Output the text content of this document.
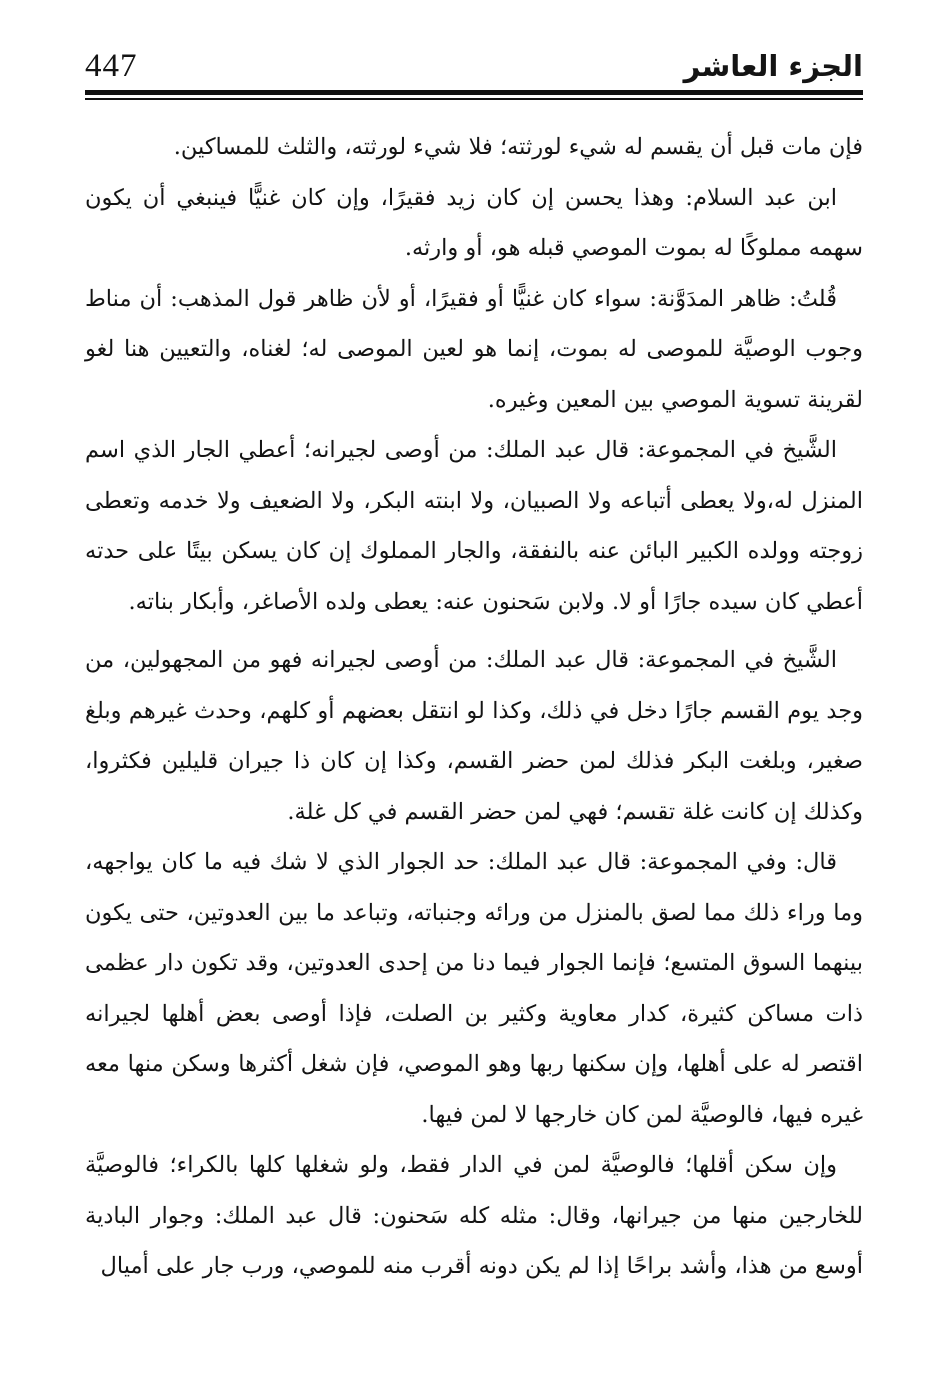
الجزء العاشر
447

فإن مات قبل أن يقسم له شيء لورثته؛ فلا شيء لورثته، والثلث للمساكين.

ابن عبد السلام: وهذا يحسن إن كان زيد فقيرًا، وإن كان غنيًّا فينبغي أن يكون سهمه مملوكًا له بموت الموصي قبله هو، أو وارثه.

قُلتُ: ظاهر المدَوَّنة: سواء كان غنيًّا أو فقيرًا، أو لأن ظاهر قول المذهب: أن مناط وجوب الوصيَّة للموصى له بموت، إنما هو لعين الموصى له؛ لغناه، والتعيين هنا لغو لقرينة تسوية الموصي بين المعين وغيره.

الشَّيخ في المجموعة: قال عبد الملك: من أوصى لجيرانه؛ أعطي الجار الذي اسم المنزل له،ولا يعطى أتباعه ولا الصبيان، ولا ابنته البكر، ولا الضعيف ولا خدمه وتعطى زوجته وولده الكبير البائن عنه بالنفقة، والجار المملوك إن كان يسكن بيتًا على حدته أعطي كان سيده جارًا أو لا. ولابن سَحنون عنه: يعطى ولده الأصاغر، وأبكار بناته.

الشَّيخ في المجموعة: قال عبد الملك: من أوصى لجيرانه فهو من المجهولين، من وجد يوم القسم جارًا دخل في ذلك، وكذا لو انتقل بعضهم أو كلهم، وحدث غيرهم وبلغ صغير، وبلغت البكر فذلك لمن حضر القسم، وكذا إن كان ذا جيران قليلين فكثروا، وكذلك إن كانت غلة تقسم؛ فهي لمن حضر القسم في كل غلة.

قال: وفي المجموعة: قال عبد الملك: حد الجوار الذي لا شك فيه ما كان يواجهه، وما وراء ذلك مما لصق بالمنزل من ورائه وجنباته، وتباعد ما بين العدوتين، حتى يكون بينهما السوق المتسع؛ فإنما الجوار فيما دنا من إحدى العدوتين، وقد تكون دار عظمى ذات مساكن كثيرة، كدار معاوية وكثير بن الصلت، فإذا أوصى بعض أهلها لجيرانه اقتصر له على أهلها، وإن سكنها ربها وهو الموصي، فإن شغل أكثرها وسكن منها معه غيره فيها، فالوصيَّة لمن كان خارجها لا لمن فيها.

وإن سكن أقلها؛ فالوصيَّة لمن في الدار فقط، ولو شغلها كلها بالكراء؛ فالوصيَّة للخارجين منها من جيرانها، وقال: مثله كله سَحنون: قال عبد الملك: وجوار البادية أوسع من هذا، وأشد براحًا إذا لم يكن دونه أقرب منه للموصي، ورب جار على أميال
